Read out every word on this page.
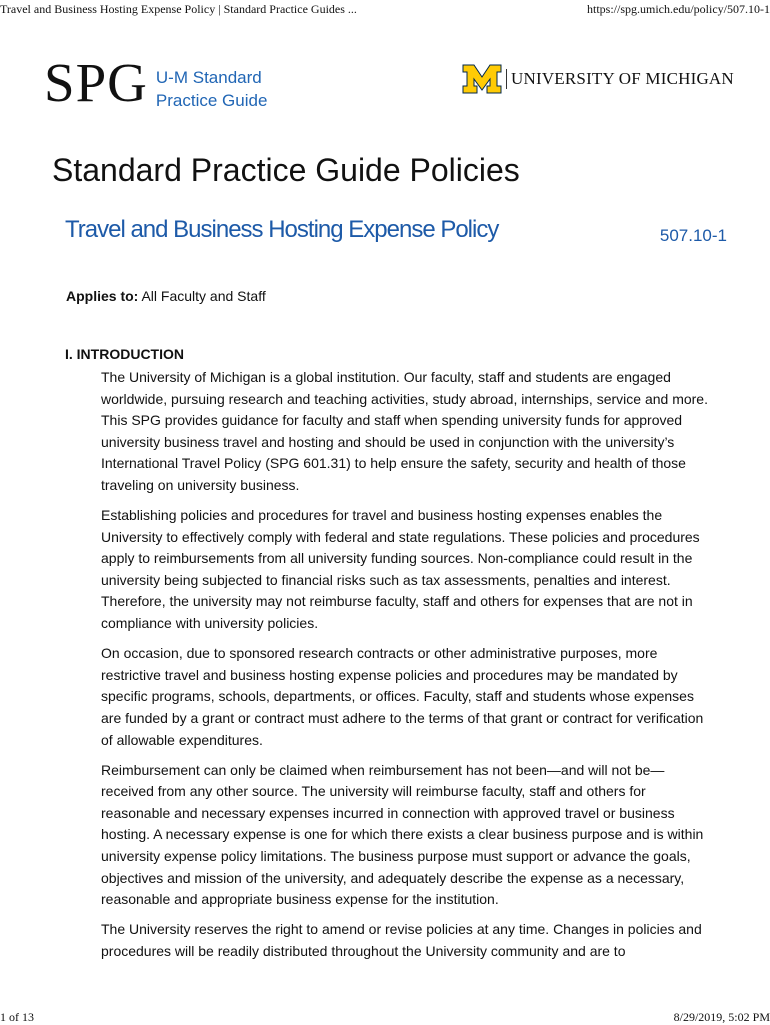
Travel and Business Hosting Expense Policy | Standard Practice Guides ...	https://spg.umich.edu/policy/507.10-1
SPG U-M Standard
Practice Guide
UNIVERSITY OF MICHIGAN
Standard Practice Guide Policies
Travel and Business Hosting Expense Policy	507.10-1
Applies to: All Faculty and Staff
I. INTRODUCTION

The University of Michigan is a global institution. Our faculty, staff and students are engaged worldwide, pursuing research and teaching activities, study abroad, internships, service and more. This SPG provides guidance for faculty and staff when spending university funds for approved university business travel and hosting and should be used in conjunction with the university’s International Travel Policy (SPG 601.31) to help ensure the safety, security and health of those traveling on university business.

Establishing policies and procedures for travel and business hosting expenses enables the University to effectively comply with federal and state regulations. These policies and procedures apply to reimbursements from all university funding sources. Non-compliance could result in the university being subjected to financial risks such as tax assessments, penalties and interest. Therefore, the university may not reimburse faculty, staff and others for expenses that are not in compliance with university policies.

On occasion, due to sponsored research contracts or other administrative purposes, more restrictive travel and business hosting expense policies and procedures may be mandated by specific programs, schools, departments, or offices. Faculty, staff and students whose expenses are funded by a grant or contract must adhere to the terms of that grant or contract for verification of allowable expenditures.

Reimbursement can only be claimed when reimbursement has not been—and will not be—received from any other source. The university will reimburse faculty, staff and others for reasonable and necessary expenses incurred in connection with approved travel or business hosting. A necessary expense is one for which there exists a clear business purpose and is within university expense policy limitations. The business purpose must support or advance the goals, objectives and mission of the university, and adequately describe the expense as a necessary, reasonable and appropriate business expense for the institution.

The University reserves the right to amend or revise policies at any time. Changes in policies and procedures will be readily distributed throughout the University community and are to

1 of 13	8/29/2019, 5:02 PM
